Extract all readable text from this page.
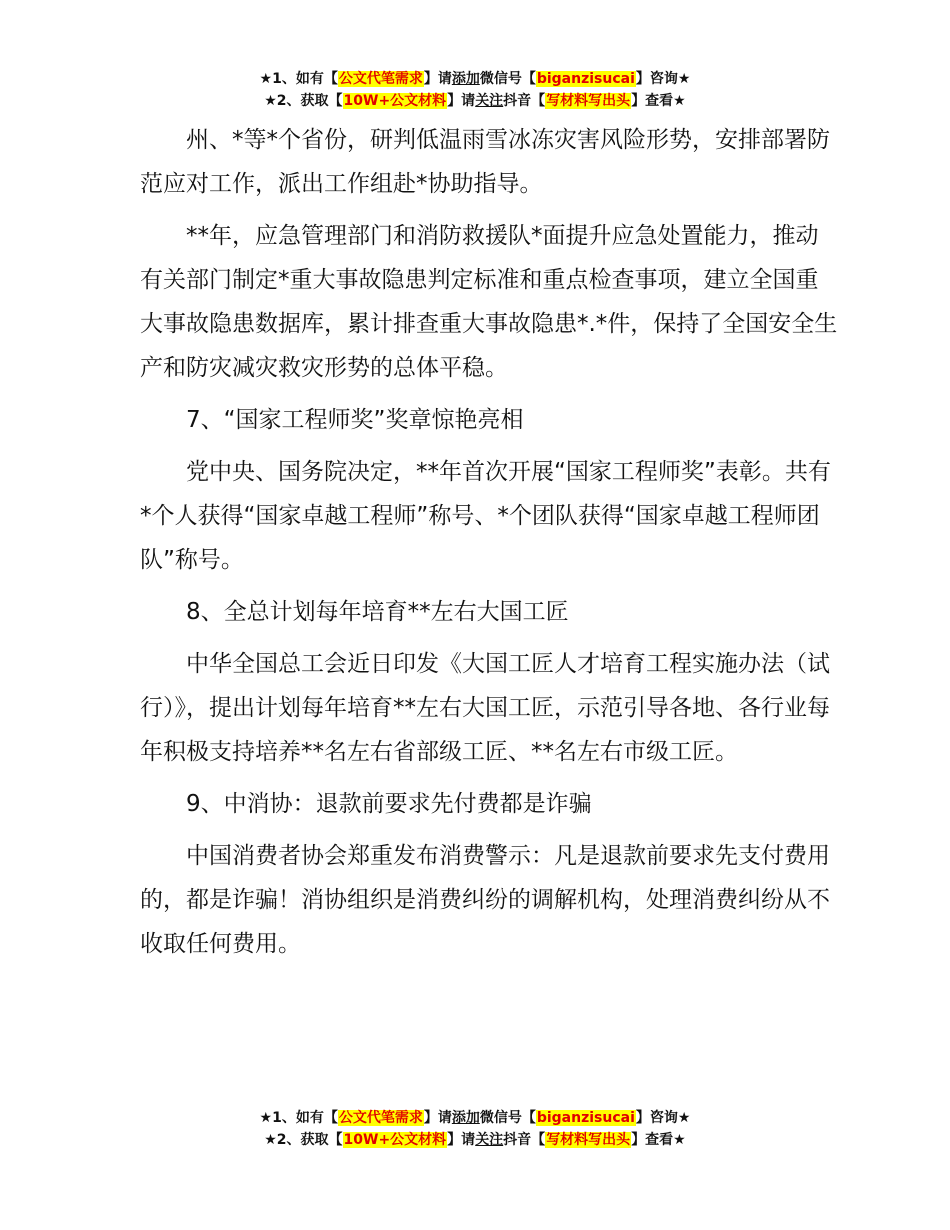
★1、如有【公文代笔需求】请添加微信号【biganzisucai】咨询★
★2、获取【10W+公文材料】请关注抖音【写材料写出头】查看★

州、*等*个省份，研判低温雨雪冰冻灾害风险形势，安排部署防范应对工作，派出工作组赴*协助指导。

**年，应急管理部门和消防救援队*面提升应急处置能力，推动有关部门制定*重大事故隐患判定标准和重点检查事项，建立全国重大事故隐患数据库，累计排查重大事故隐患*.*件，保持了全国安全生产和防灾减灾救灾形势的总体平稳。

7、“国家工程师奖”奖章惊艳亮相

党中央、国务院决定，**年首次开展“国家工程师奖”表彰。共有*个人获得“国家卓越工程师”称号、*个团队获得“国家卓越工程师团队”称号。

8、全总计划每年培育**左右大国工匠

中华全国总工会近日印发《大国工匠人才培育工程实施办法（试行）》，提出计划每年培育**左右大国工匠，示范引导各地、各行业每年积极支持培养**名左右省部级工匠、**名左右市级工匠。

9、中消协：退款前要求先付费都是诈骗

中国消费者协会郑重发布消费警示：凡是退款前要求先支付费用的，都是诈骗！消协组织是消费纠纷的调解机构，处理消费纠纷从不收取任何费用。

★1、如有【公文代笔需求】请添加微信号【biganzisucai】咨询★
★2、获取【10W+公文材料】请关注抖音【写材料写出头】查看★
